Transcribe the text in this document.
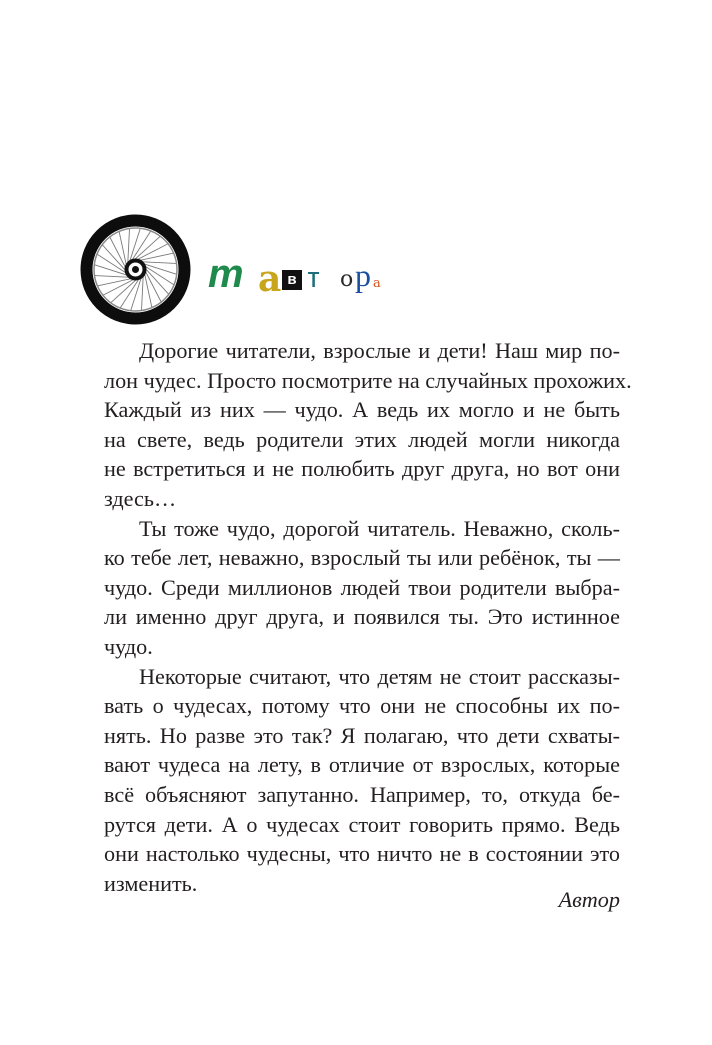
т а в т о р а

Дорогие читатели, взрослые и дети! Наш мир по-
лон чудес. Просто посмотрите на случайных прохожих.
Каждый из них — чудо. А ведь их могло и не быть
на свете, ведь родители этих людей могли никогда
не встретиться и не полюбить друг друга, но вот они
здесь…

Ты тоже чудо, дорогой читатель. Неважно, сколь-
ко тебе лет, неважно, взрослый ты или ребёнок, ты —
чудо. Среди миллионов людей твои родители выбра-
ли именно друг друга, и появился ты. Это истинное
чудо.

Некоторые считают, что детям не стоит рассказы-
вать о чудесах, потому что они не способны их по-
нять. Но разве это так? Я полагаю, что дети схваты-
вают чудеса на лету, в отличие от взрослых, которые
всё объясняют запутанно. Например, то, откуда бе-
рутся дети. А о чудесах стоит говорить прямо. Ведь
они настолько чудесны, что ничто не в состоянии это
изменить.

Автор
